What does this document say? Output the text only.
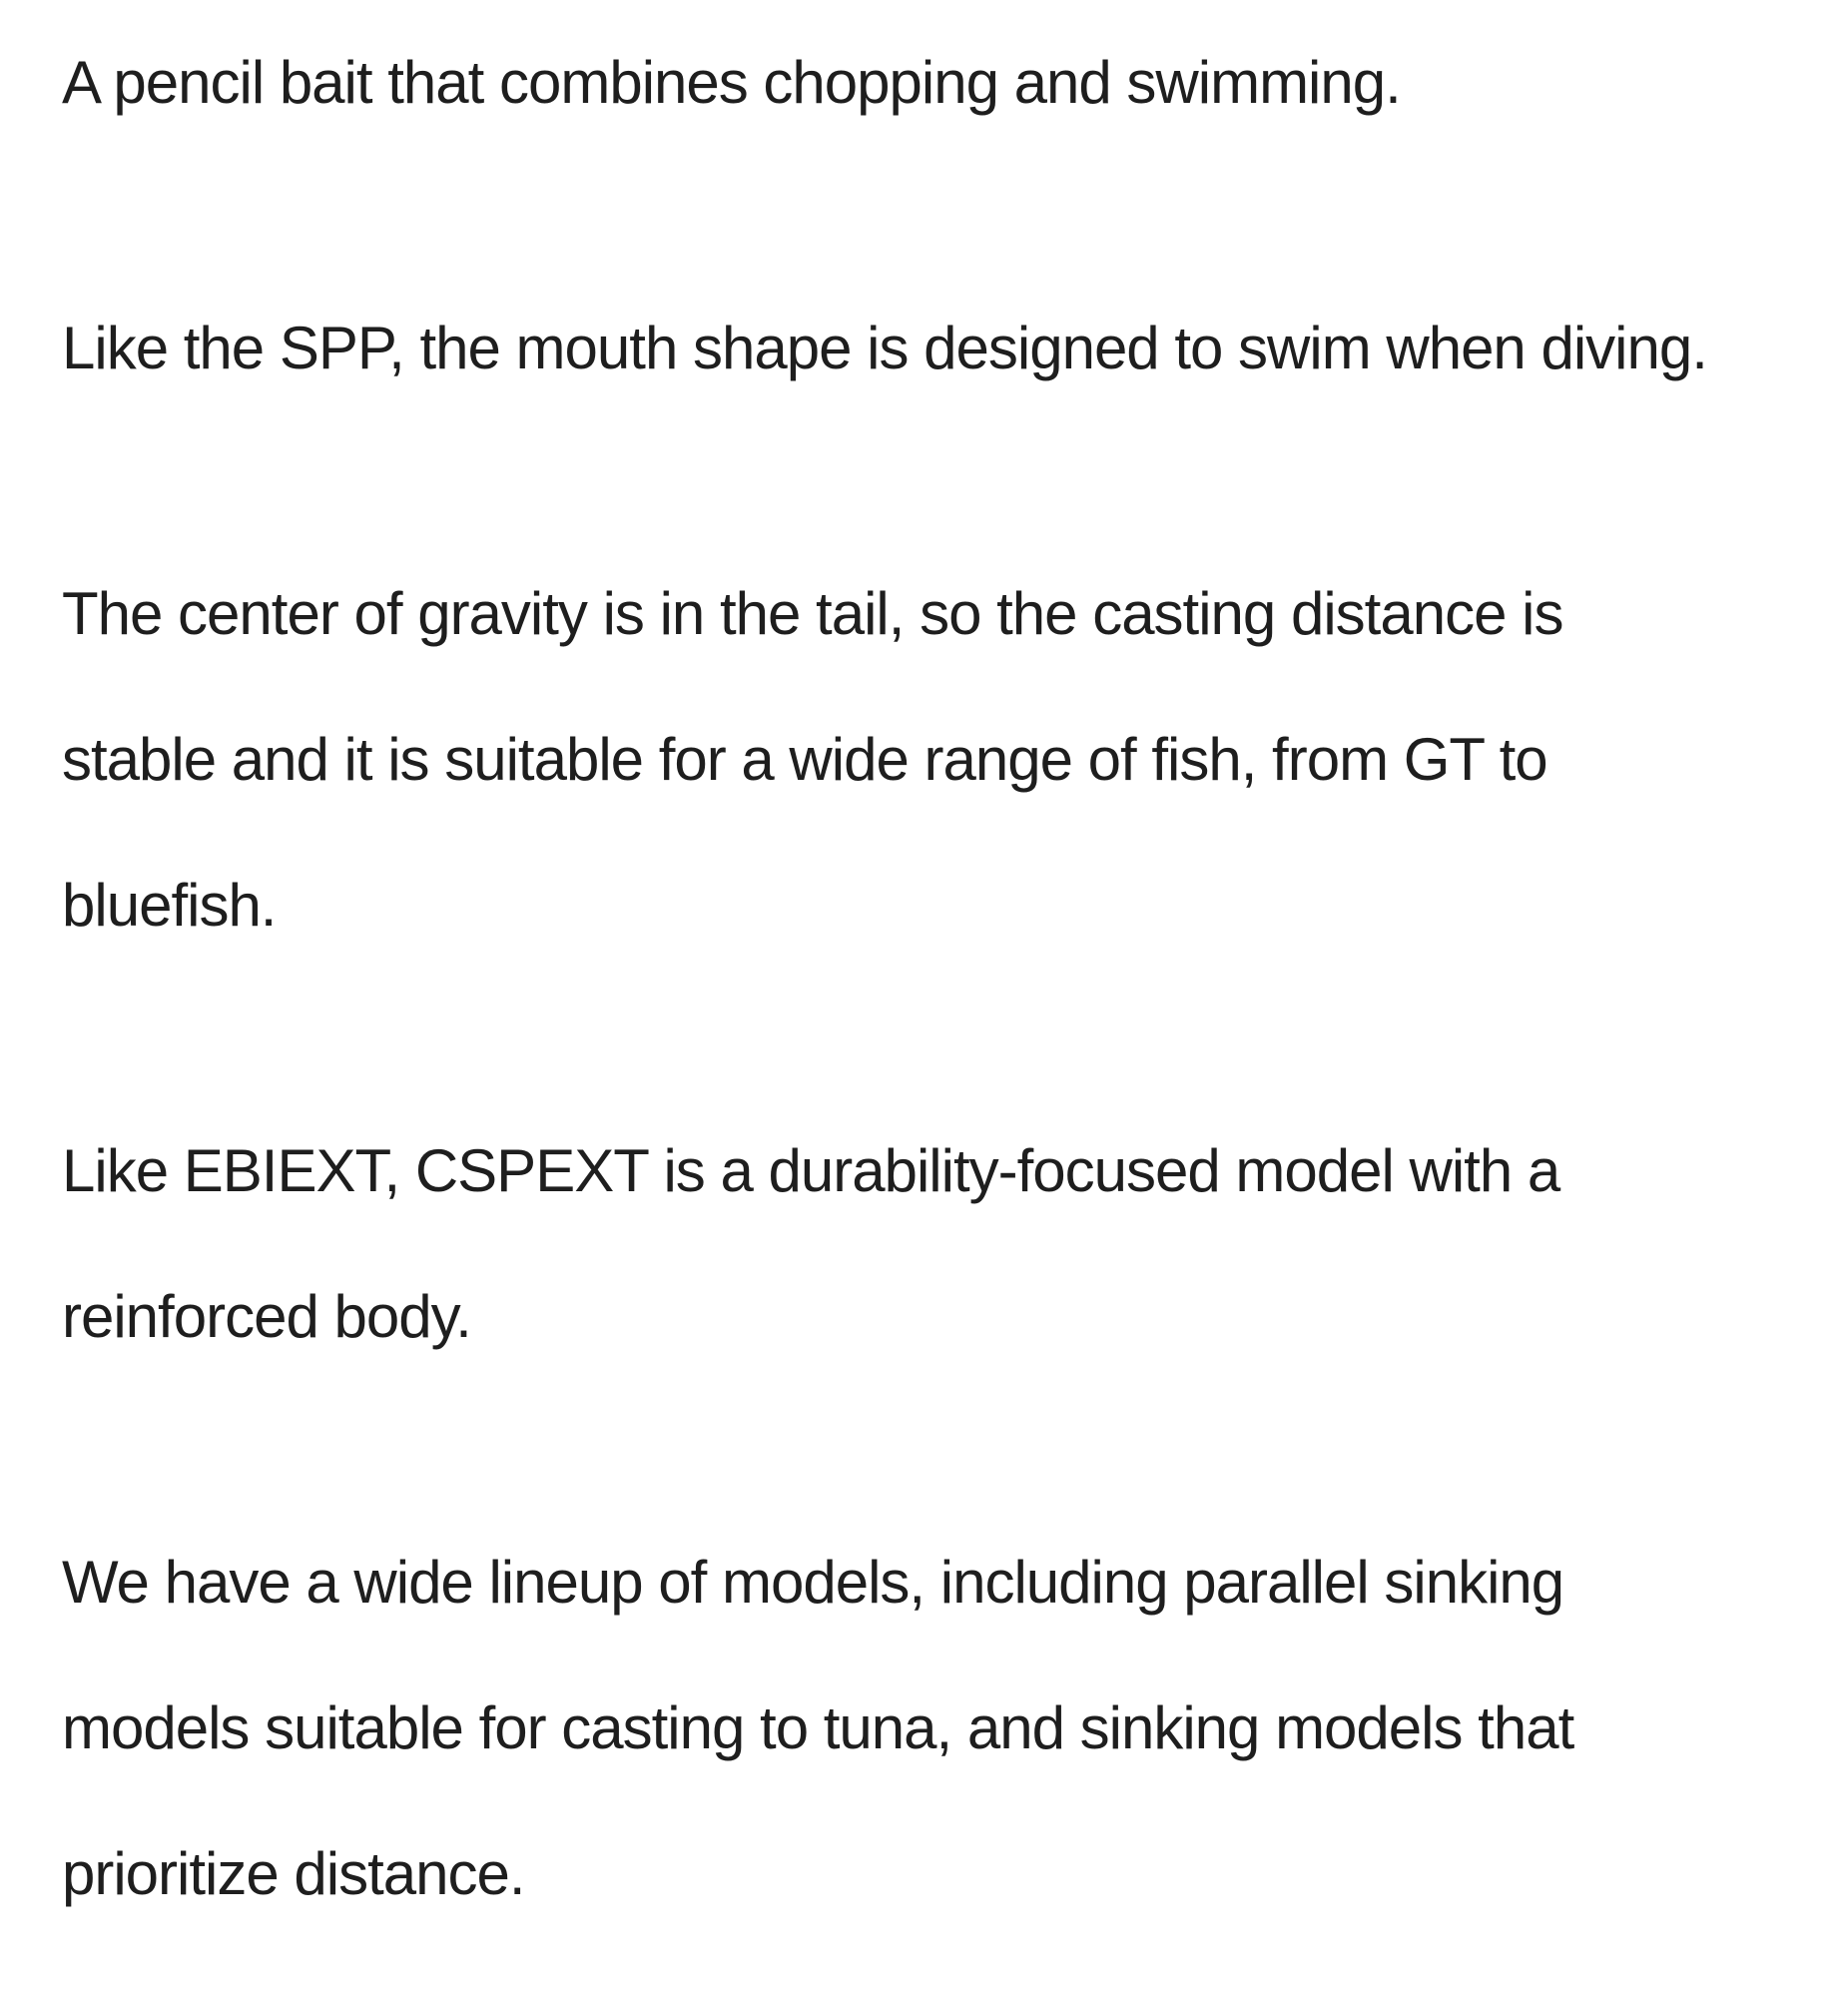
A pencil bait that combines chopping and swimming.
Like the SPP, the mouth shape is designed to swim when diving.
The center of gravity is in the tail, so the casting distance is
stable and it is suitable for a wide range of fish, from GT to
bluefish.
Like EBIEXT, CSPEXT is a durability-focused model with a
reinforced body.
We have a wide lineup of models, including parallel sinking
models suitable for casting to tuna, and sinking models that
prioritize distance.
